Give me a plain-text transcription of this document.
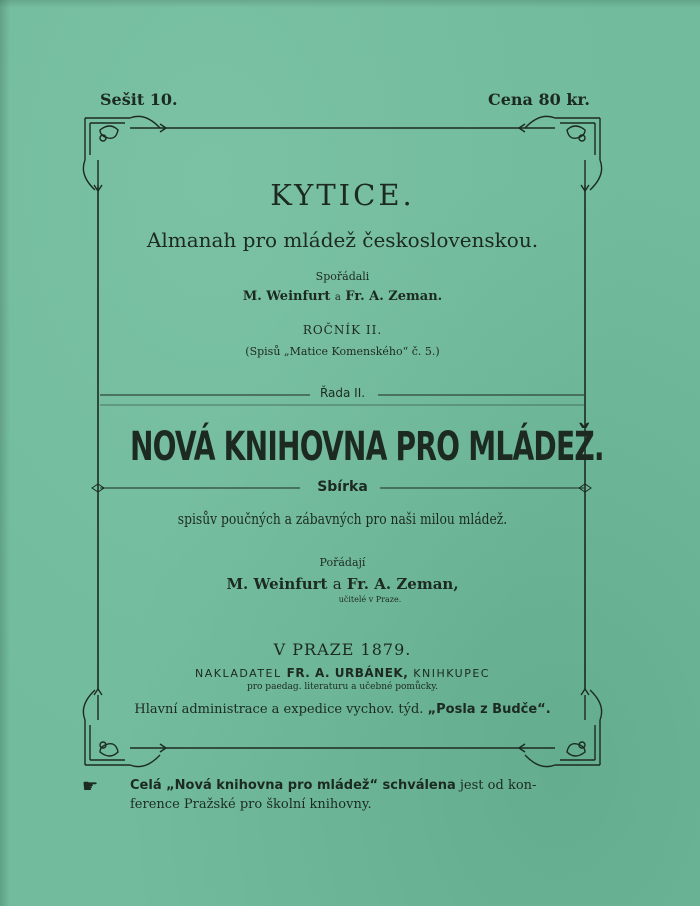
Sešit 10.	Cena 80 kr.
KYTICE.
Almanah pro mládež československou.
Spořádali
M. Weinfurt a Fr. A. Zeman.
ROČNÍK II.
(Spisů „Matice Komenského“ č. 5.)
Řada II.
NOVÁ KNIHOVNA PRO MLÁDEŽ.
Sbírka
spisův poučných a zábavných pro naši milou mládež.
Pořádají
M. Weinfurt a Fr. A. Zeman,
učitelé v Praze.
V PRAZE 1879.
NAKLADATEL FR. A. URBÁNEK, KNIHKUPEC
pro paedag. literaturu a učebné pomůcky.
Hlavní administrace a expedice vychov. týd. „Posla z Budče“.
☛ Celá „Nová knihovna pro mládež“ schválena jest od kon-
ference Pražské pro školní knihovny.
